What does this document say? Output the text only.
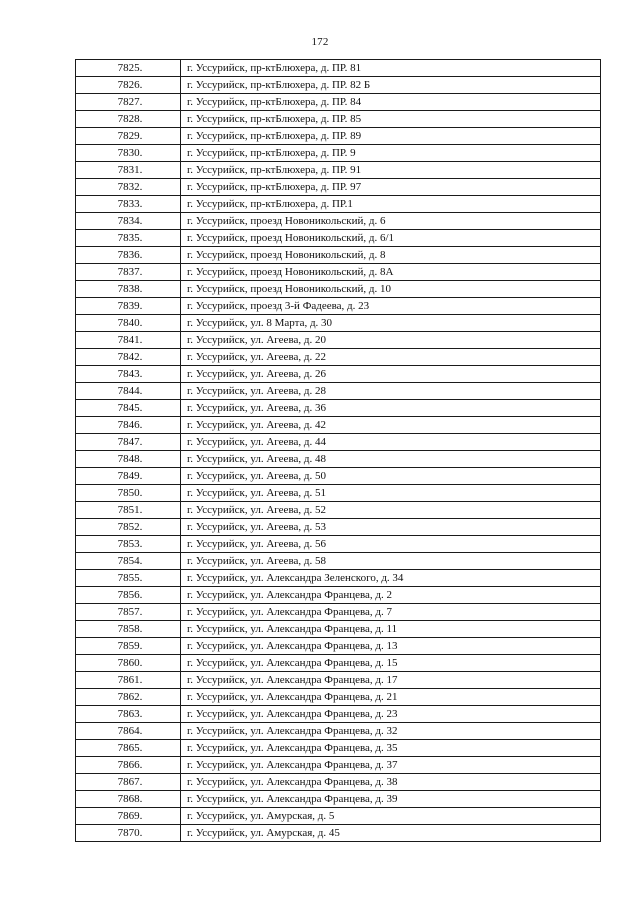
172
7825.	г. Уссурийск, пр-ктБлюхера, д. ПР. 81
7826.	г. Уссурийск, пр-ктБлюхера, д. ПР. 82 Б
7827.	г. Уссурийск, пр-ктБлюхера, д. ПР. 84
7828.	г. Уссурийск, пр-ктБлюхера, д. ПР. 85
7829.	г. Уссурийск, пр-ктБлюхера, д. ПР. 89
7830.	г. Уссурийск, пр-ктБлюхера, д. ПР. 9
7831.	г. Уссурийск, пр-ктБлюхера, д. ПР. 91
7832.	г. Уссурийск, пр-ктБлюхера, д. ПР. 97
7833.	г. Уссурийск, пр-ктБлюхера, д. ПР.1
7834.	г. Уссурийск, проезд Новоникольский, д. 6
7835.	г. Уссурийск, проезд Новоникольский, д. 6/1
7836.	г. Уссурийск, проезд Новоникольский, д. 8
7837.	г. Уссурийск, проезд Новоникольский, д. 8А
7838.	г. Уссурийск, проезд Новоникольский, д. 10
7839.	г. Уссурийск, проезд 3-й Фадеева, д. 23
7840.	г. Уссурийск, ул. 8 Марта, д. 30
7841.	г. Уссурийск, ул. Агеева, д. 20
7842.	г. Уссурийск, ул. Агеева, д. 22
7843.	г. Уссурийск, ул. Агеева, д. 26
7844.	г. Уссурийск, ул. Агеева, д. 28
7845.	г. Уссурийск, ул. Агеева, д. 36
7846.	г. Уссурийск, ул. Агеева, д. 42
7847.	г. Уссурийск, ул. Агеева, д. 44
7848.	г. Уссурийск, ул. Агеева, д. 48
7849.	г. Уссурийск, ул. Агеева, д. 50
7850.	г. Уссурийск, ул. Агеева, д. 51
7851.	г. Уссурийск, ул. Агеева, д. 52
7852.	г. Уссурийск, ул. Агеева, д. 53
7853.	г. Уссурийск, ул. Агеева, д. 56
7854.	г. Уссурийск, ул. Агеева, д. 58
7855.	г. Уссурийск, ул. Александра Зеленского, д. 34
7856.	г. Уссурийск, ул. Александра Францева, д. 2
7857.	г. Уссурийск, ул. Александра Францева, д. 7
7858.	г. Уссурийск, ул. Александра Францева, д. 11
7859.	г. Уссурийск, ул. Александра Францева, д. 13
7860.	г. Уссурийск, ул. Александра Францева, д. 15
7861.	г. Уссурийск, ул. Александра Францева, д. 17
7862.	г. Уссурийск, ул. Александра Францева, д. 21
7863.	г. Уссурийск, ул. Александра Францева, д. 23
7864.	г. Уссурийск, ул. Александра Францева, д. 32
7865.	г. Уссурийск, ул. Александра Францева, д. 35
7866.	г. Уссурийск, ул. Александра Францева, д. 37
7867.	г. Уссурийск, ул. Александра Францева, д. 38
7868.	г. Уссурийск, ул. Александра Францева, д. 39
7869.	г. Уссурийск, ул. Амурская, д. 5
7870.	г. Уссурийск, ул. Амурская, д. 45
